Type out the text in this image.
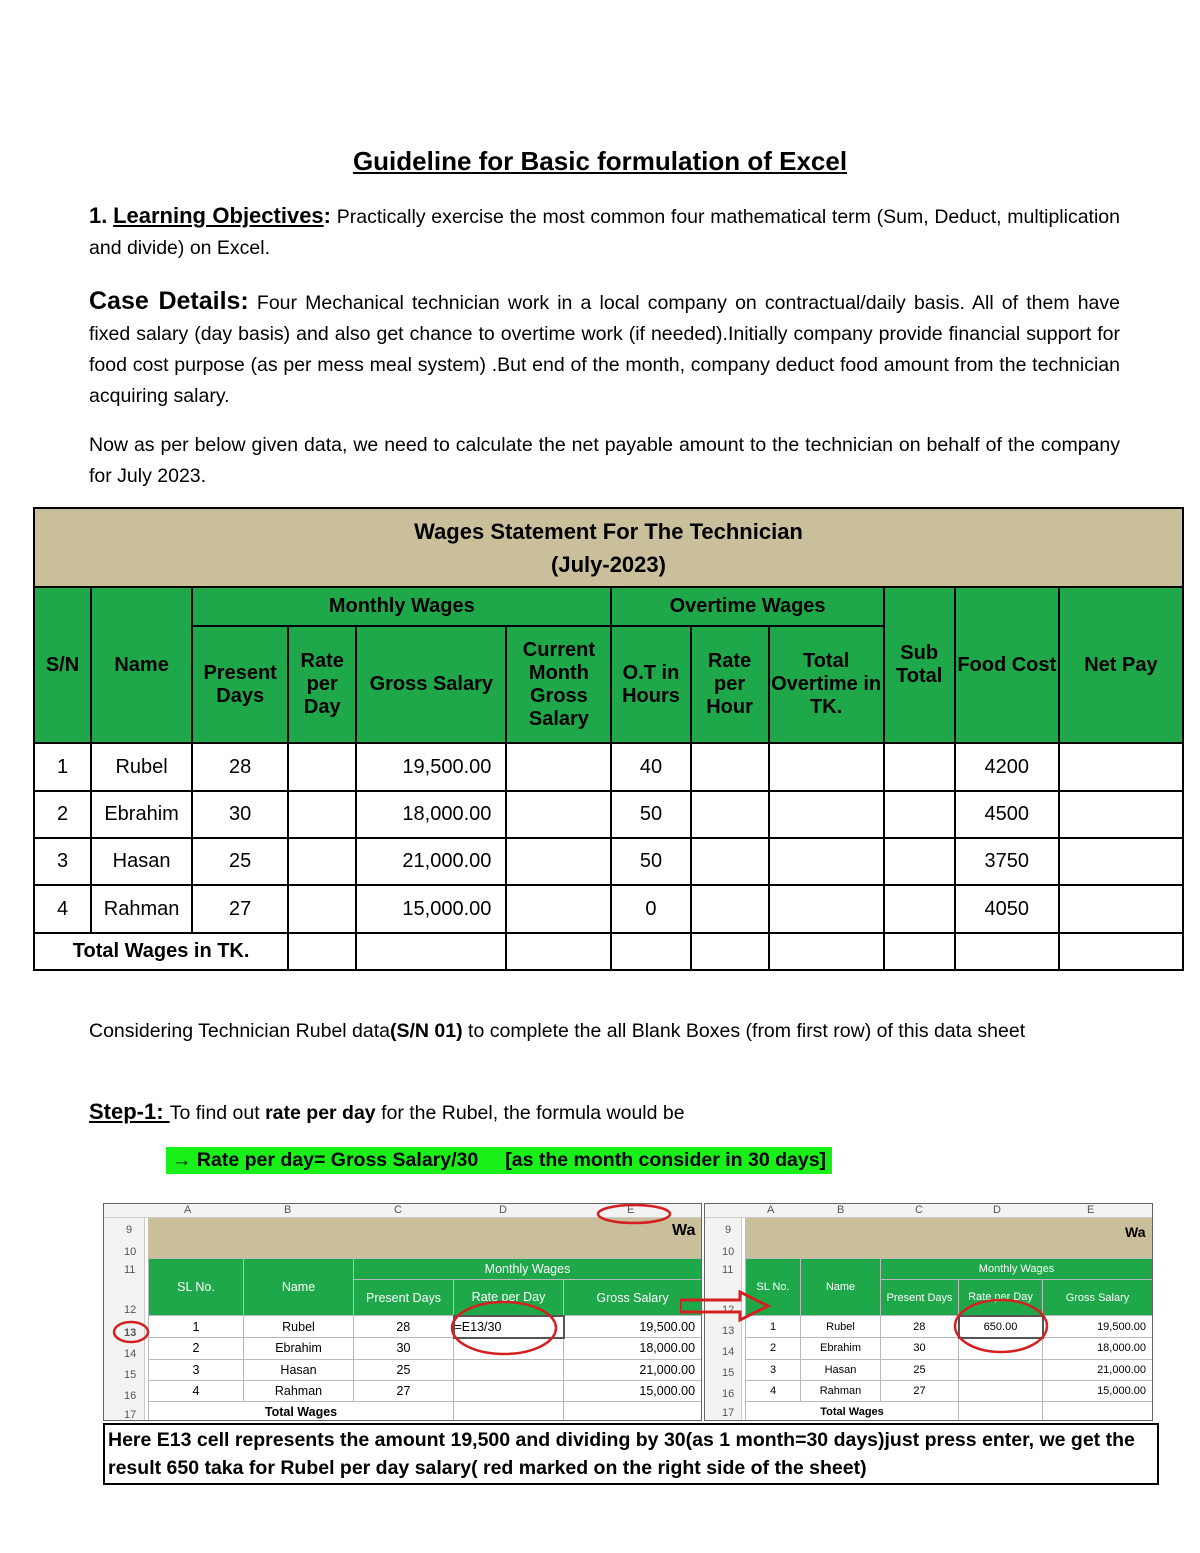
Guideline for Basic formulation of Excel
1. Learning Objectives: Practically exercise the most common four mathematical term (Sum, Deduct, multiplication and divide) on Excel.
Case Details: Four Mechanical technician work in a local company on contractual/daily basis. All of them have fixed salary (day basis) and also get chance to overtime work (if needed).Initially company provide financial support for food cost purpose (as per mess meal system) .But end of the month, company deduct food amount from the technician acquiring salary.
Now as per below given data, we need to calculate the net payable amount to the technician on behalf of the company for July 2023.
Wages Statement For The Technician
(July-2023)											

S/N	Name	Monthly Wages				Overtime Wages			Sub Total	Food Cost	Net Pay
		Present Days	Rate per Day	Gross Salary	Current Month Gross Salary	O.T in Hours	Rate per Hour	Total Overtime in TK.			
1	Rubel	28		19,500.00		40				4200	
2	Ebrahim	30		18,000.00		50				4500	
3	Hasan	25		21,000.00		50				3750	
4	Rahman	27		15,000.00		0				4050	
Total Wages in TK.											
Considering Technician Rubel data(S/N 01) to complete the all Blank Boxes (from first row) of this data sheet
Step-1: To find out rate per day for the Rubel, the formula would be
→ Rate per day= Gross Salary/30     [as the month consider in 30 days]
A	B	C	D	E
9
10
11
12
13
14
15
16
17
Wa
SL No.	Name	Monthly Wages		
		Present Days	Rate per Day	Gross Salary
1	Rubel	28	=E13/30	19,500.00
2	Ebrahim	30		18,000.00
3	Hasan	25		21,000.00
4	Rahman	27		15,000.00
Total Wages				
A	B	C	D	E
9
10
11
12
13
14
15
16
17
Wa
SL No.	Name	Monthly Wages		
		Present Days	Rate per Day	Gross Salary
1	Rubel	28	650.00	19,500.00
2	Ebrahim	30		18,000.00
3	Hasan	25		21,000.00
4	Rahman	27		15,000.00
Total Wages				
Here E13 cell represents the amount 19,500 and dividing by 30(as 1 month=30 days)just press enter, we get the result 650 taka for Rubel per day salary( red marked on the right side of the sheet)
